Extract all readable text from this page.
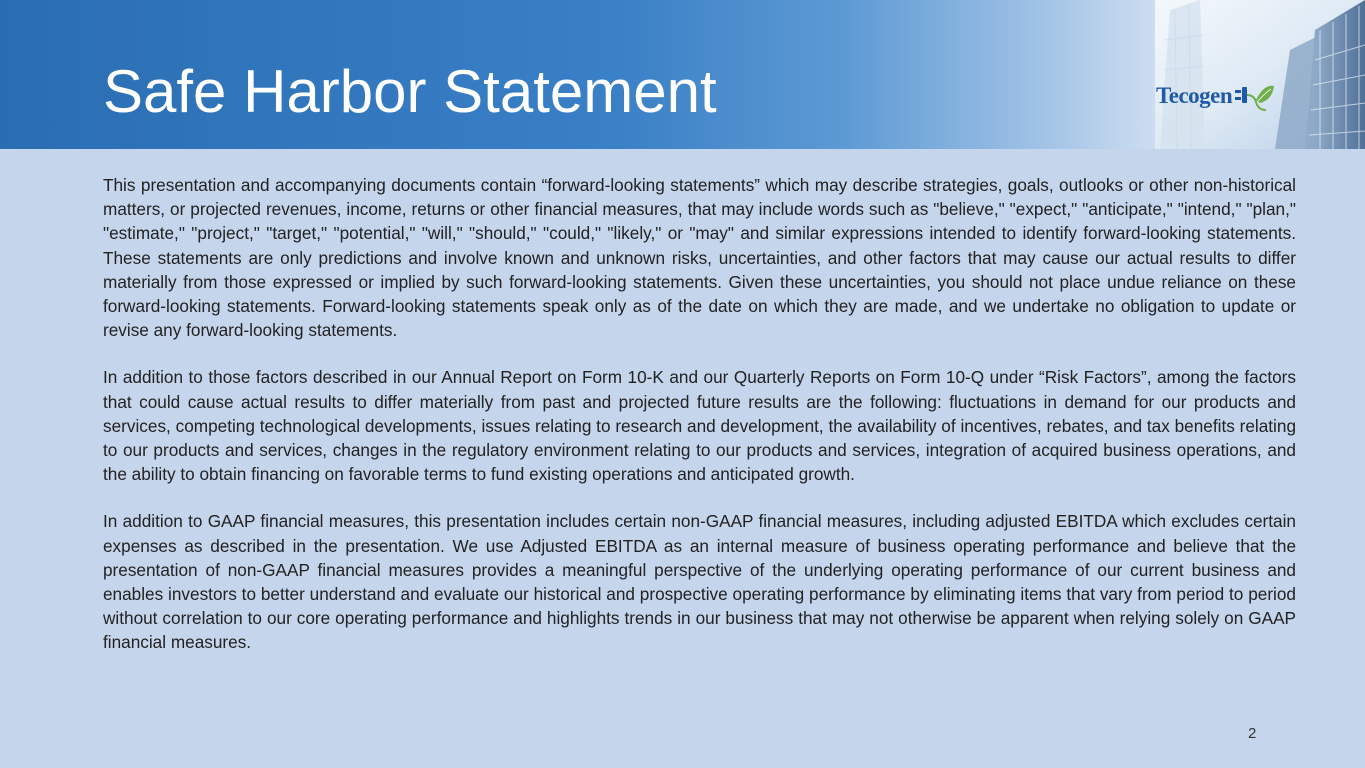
Safe Harbor Statement	Tecogen

This presentation and accompanying documents contain “forward-looking statements” which may describe strategies, goals, outlooks or other non-historical matters, or projected revenues, income, returns or other financial measures, that may include words such as "believe," "expect," "anticipate," "intend," "plan," "estimate," "project," "target," "potential," "will," "should," "could," "likely," or "may" and similar expressions intended to identify forward-looking statements. These statements are only predictions and involve known and unknown risks, uncertainties, and other factors that may cause our actual results to differ materially from those expressed or implied by such forward-looking statements. Given these uncertainties, you should not place undue reliance on these forward-looking statements. Forward-looking statements speak only as of the date on which they are made, and we undertake no obligation to update or revise any forward-looking statements.

In addition to those factors described in our Annual Report on Form 10-K and our Quarterly Reports on Form 10-Q under “Risk Factors”, among the factors that could cause actual results to differ materially from past and projected future results are the following: fluctuations in demand for our products and services, competing technological developments, issues relating to research and development, the availability of incentives, rebates, and tax benefits relating to our products and services, changes in the regulatory environment relating to our products and services, integration of acquired business operations, and the ability to obtain financing on favorable terms to fund existing operations and anticipated growth.

In addition to GAAP financial measures, this presentation includes certain non-GAAP financial measures, including adjusted EBITDA which excludes certain expenses as described in the presentation. We use Adjusted EBITDA as an internal measure of business operating performance and believe that the presentation of non-GAAP financial measures provides a meaningful perspective of the underlying operating performance of our current business and enables investors to better understand and evaluate our historical and prospective operating performance by eliminating items that vary from period to period without correlation to our core operating performance and highlights trends in our business that may not otherwise be apparent when relying solely on GAAP financial measures.

2
